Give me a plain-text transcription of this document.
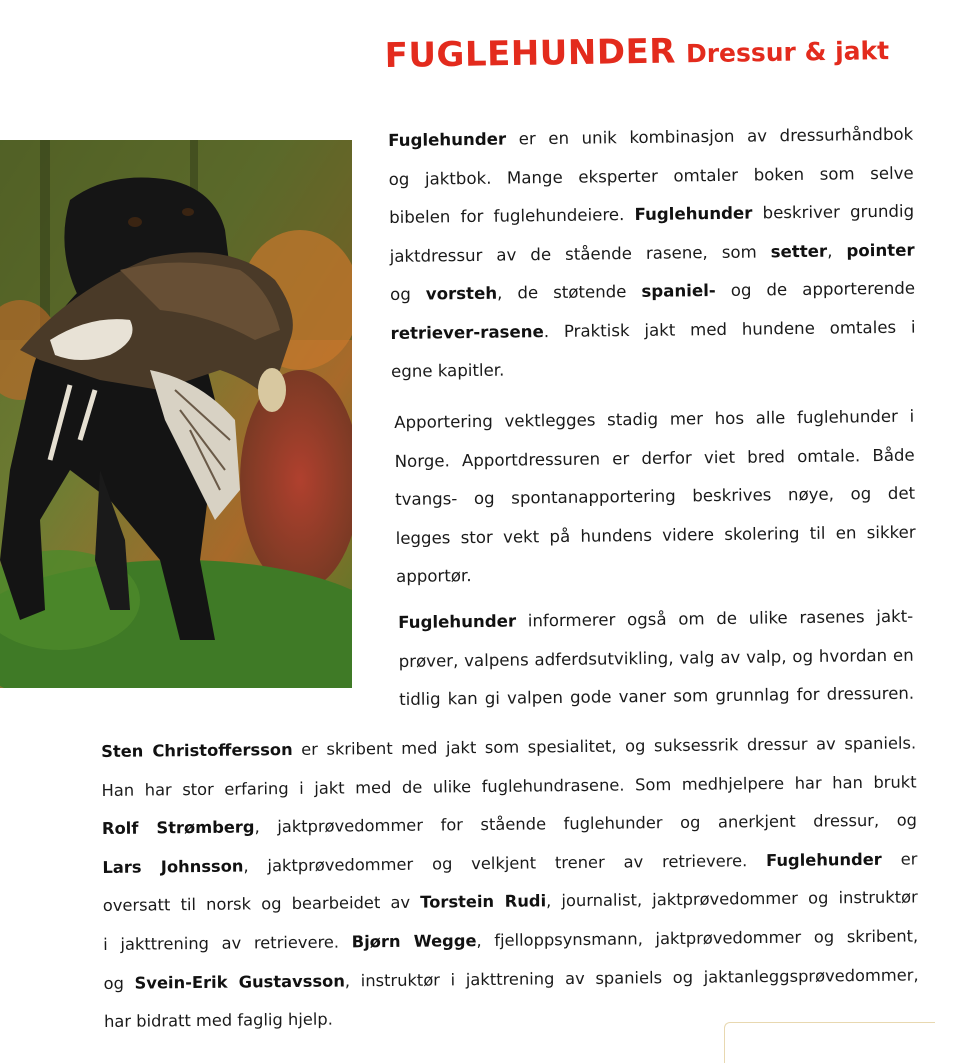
FUGLEHUNDER Dressur & jakt
Fuglehunder er en unik kombinasjon av dressurhåndbok
og jaktbok. Mange eksperter omtaler boken som selve
bibelen for fuglehundeiere. Fuglehunder beskriver grundig
jaktdressur av de stående rasene, som setter, pointer
og vorsteh, de støtende spaniel- og de apporterende
retriever-rasene. Praktisk jakt med hundene omtales i
egne kapitler.
Apportering vektlegges stadig mer hos alle fuglehunder i
Norge. Apportdressuren er derfor viet bred omtale. Både
tvangs- og spontanapportering beskrives nøye, og det
legges stor vekt på hundens videre skolering til en sikker
apportør.
Fuglehunder informerer også om de ulike rasenes jakt-
prøver, valpens adferdsutvikling, valg av valp, og hvordan en
tidlig kan gi valpen gode vaner som grunnlag for dressuren.
Sten Christoffersson er skribent med jakt som spesialitet, og suksessrik dressur av spaniels.
Han har stor erfaring i jakt med de ulike fuglehundrasene. Som medhjelpere har han brukt
Rolf Strømberg, jaktprøvedommer for stående fuglehunder og anerkjent dressur, og
Lars Johnsson, jaktprøvedommer og velkjent trener av retrievere. Fuglehunder er
oversatt til norsk og bearbeidet av Torstein Rudi, journalist, jaktprøvedommer og instruktør
i jakttrening av retrievere. Bjørn Wegge, fjelloppsynsmann, jaktprøvedommer og skribent,
og Svein-Erik Gustavsson, instruktør i jakttrening av spaniels og jaktanleggsprøvedommer,
har bidratt med faglig hjelp.
